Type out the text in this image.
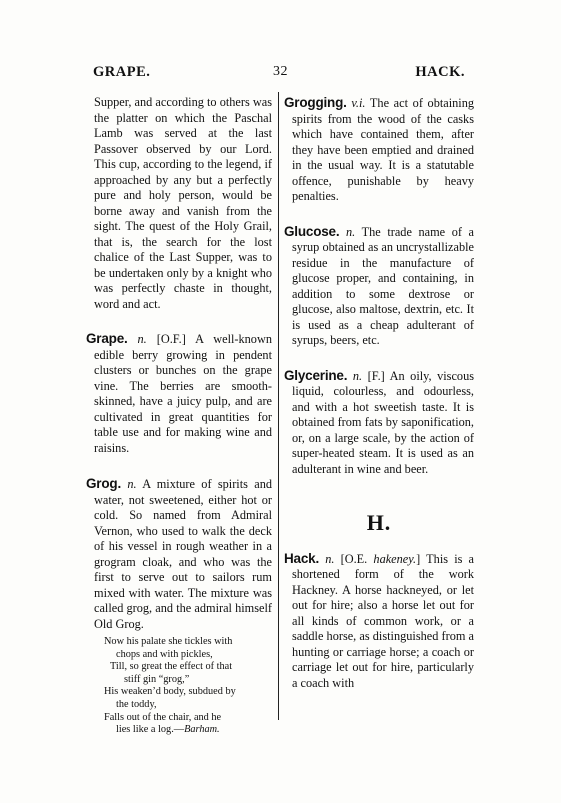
GRAPE.	32	HACK.

Supper, and according to others was the platter on which the Paschal Lamb was served at the last Passover observed by our Lord. This cup, according to the legend, if approached by any but a perfectly pure and holy person, would be borne away and vanish from the sight. The quest of the Holy Grail, that is, the search for the lost chalice of the Last Supper, was to be undertaken only by a knight who was perfectly chaste in thought, word and act.

Grape. n. [O.F.] A well-known edible berry growing in pendent clusters or bunches on the grape vine. The berries are smooth-skinned, have a juicy pulp, and are cultivated in great quantities for table use and for making wine and raisins.

Grog. n. A mixture of spirits and water, not sweetened, either hot or cold. So named from Admiral Vernon, who used to walk the deck of his vessel in rough weather in a grogram cloak, and who was the first to serve out to sailors rum mixed with water. The mixture was called grog, and the admiral himself Old Grog.

Now his palate she tickles with
chops and with pickles,
Till, so great the effect of that
stiff gin “grog,”
His weaken’d body, subdued by
the toddy,
Falls out of the chair, and he
lies like a log.—Barham.

Grogging. v.i. The act of obtaining spirits from the wood of the casks which have contained them, after they have been emptied and drained in the usual way. It is a statutable offence, punishable by heavy penalties.

Glucose. n. The trade name of a syrup obtained as an uncrystallizable residue in the manufacture of glucose proper, and containing, in addition to some dextrose or glucose, also maltose, dextrin, etc. It is used as a cheap adulterant of syrups, beers, etc.

Glycerine. n. [F.] An oily, viscous liquid, colourless, and odourless, and with a hot sweetish taste. It is obtained from fats by saponification, or, on a large scale, by the action of super-heated steam. It is used as an adulterant in wine and beer.

H.

Hack. n. [O.E. hakeney.] This is a shortened form of the work Hackney. A horse hackneyed, or let out for hire; also a horse let out for all kinds of common work, or a saddle horse, as distinguished from a hunting or carriage horse; a coach or carriage let out for hire, particularly a coach with
